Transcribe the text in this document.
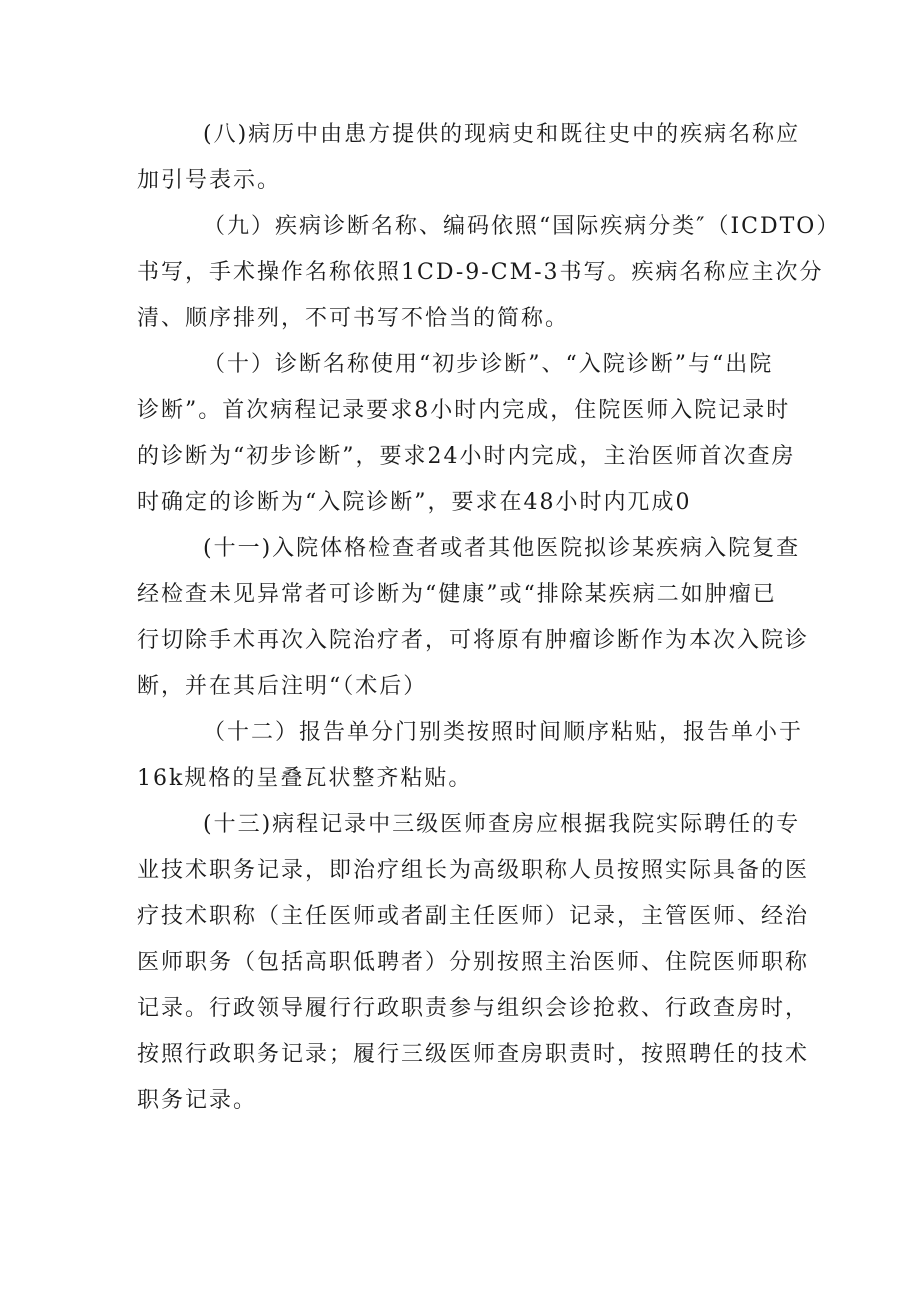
(八)病历中由患方提供的现病史和既往史中的疾病名称应
加引号表示。

（九）疾病诊断名称、编码依照“国际疾病分类″（ICDTO）
书写，手术操作名称依照1CD-9-CM-3书写。疾病名称应主次分
清、顺序排列，不可书写不恰当的简称。

（十）诊断名称使用“初步诊断”、“入院诊断”与“出院
诊断”。首次病程记录要求8小时内完成，住院医师入院记录时
的诊断为“初步诊断”，要求24小时内完成，主治医师首次查房
时确定的诊断为“入院诊断”，要求在48小时内兀成0

(十一)入院体格检查者或者其他医院拟诊某疾病入院复查
经检查未见异常者可诊断为“健康”或“排除某疾病二如肿瘤已
行切除手术再次入院治疗者，可将原有肿瘤诊断作为本次入院诊
断，并在其后注明“（术后）

（十二）报告单分门别类按照时间顺序粘贴，报告单小于
16k规格的呈叠瓦状整齐粘贴。

(十三)病程记录中三级医师查房应根据我院实际聘任的专
业技术职务记录，即治疗组长为高级职称人员按照实际具备的医
疗技术职称（主任医师或者副主任医师）记录，主管医师、经治
医师职务（包括高职低聘者）分别按照主治医师、住院医师职称
记录。行政领导履行行政职责参与组织会诊抢救、行政查房时，
按照行政职务记录；履行三级医师查房职责时，按照聘任的技术
职务记录。
